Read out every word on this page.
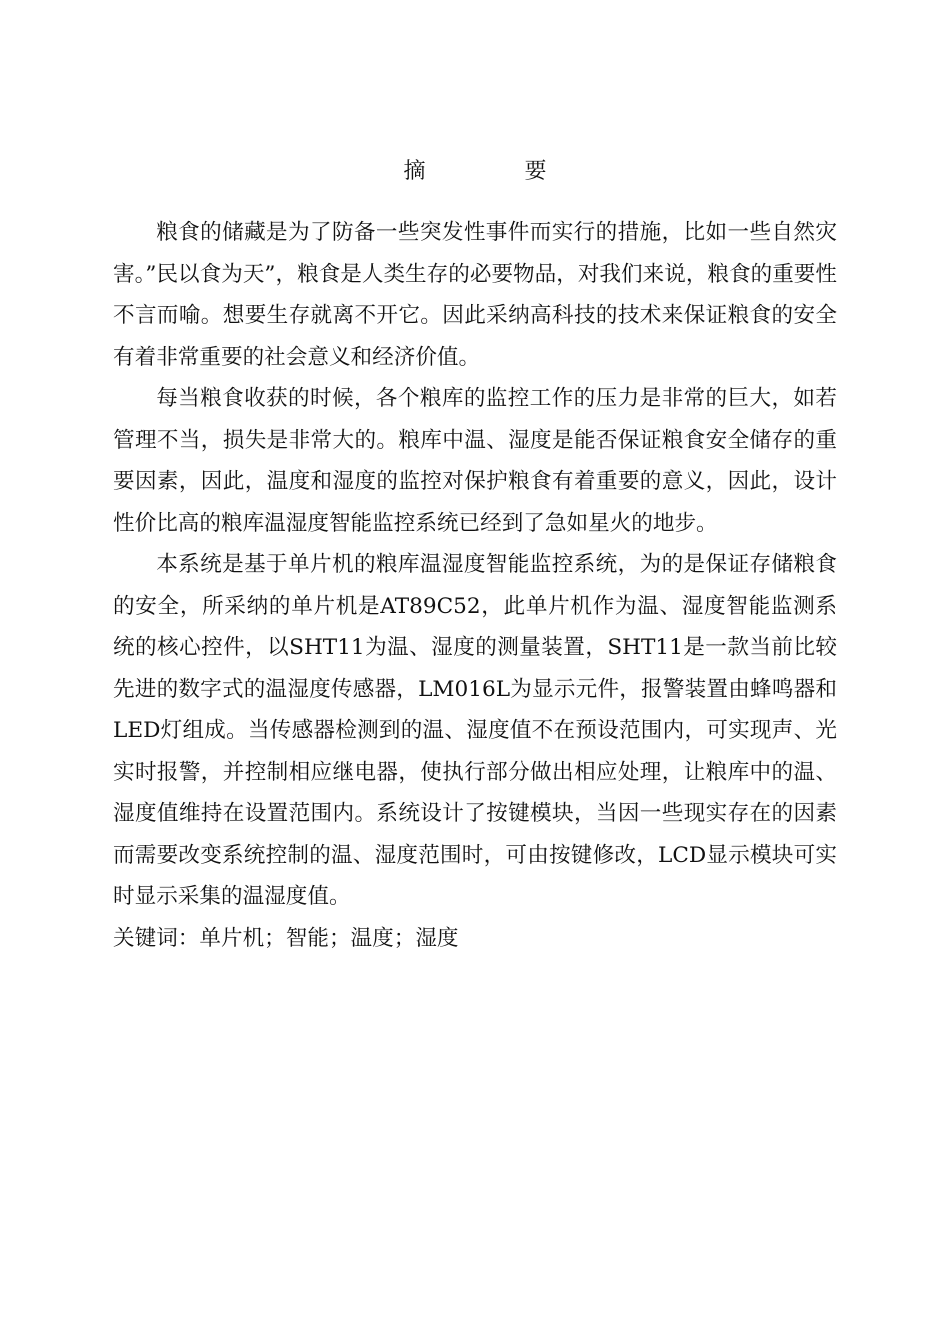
摘 要

粮食的储藏是为了防备一些突发性事件而实行的措施，比如一些自然灾害。”民以食为天”，粮食是人类生存的必要物品，对我们来说，粮食的重要性不言而喻。想要生存就离不开它。因此采纳高科技的技术来保证粮食的安全有着非常重要的社会意义和经济价值。

每当粮食收获的时候，各个粮库的监控工作的压力是非常的巨大，如若管理不当，损失是非常大的。粮库中温、湿度是能否保证粮食安全储存的重要因素，因此，温度和湿度的监控对保护粮食有着重要的意义，因此，设计性价比高的粮库温湿度智能监控系统已经到了急如星火的地步。

本系统是基于单片机的粮库温湿度智能监控系统，为的是保证存储粮食的安全，所采纳的单片机是AT89C52，此单片机作为温、湿度智能监测系统的核心控件，以SHT11为温、湿度的测量装置，SHT11是一款当前比较先进的数字式的温湿度传感器，LM016L为显示元件，报警装置由蜂鸣器和LED灯组成。当传感器检测到的温、湿度值不在预设范围内，可实现声、光实时报警，并控制相应继电器，使执行部分做出相应处理，让粮库中的温、湿度值维持在设置范围内。系统设计了按键模块，当因一些现实存在的因素而需要改变系统控制的温、湿度范围时，可由按键修改，LCD显示模块可实时显示采集的温湿度值。

关键词：单片机；智能；温度；湿度
